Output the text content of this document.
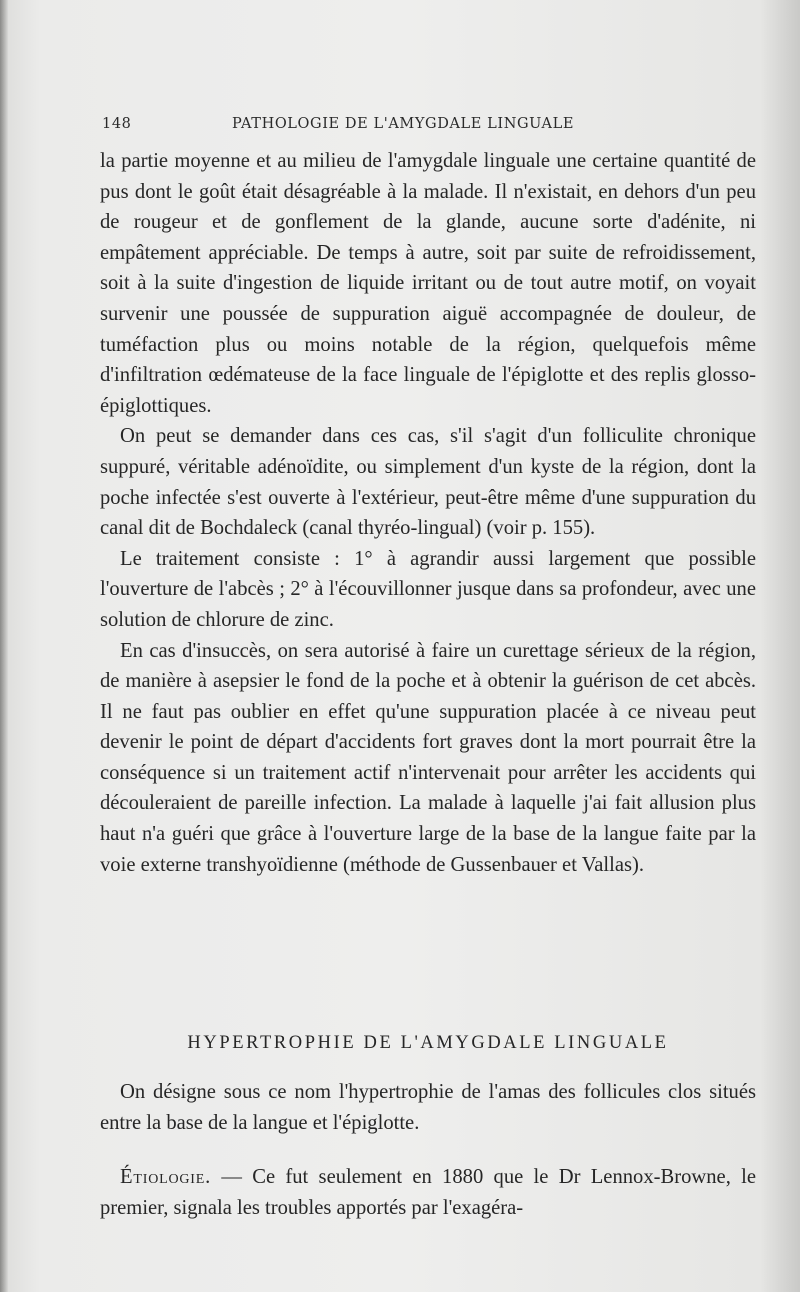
148	PATHOLOGIE DE L'AMYGDALE LINGUALE

la partie moyenne et au milieu de l'amygdale linguale une certaine quantité de pus dont le goût était désagréable à la malade. Il n'existait, en dehors d'un peu de rougeur et de gonflement de la glande, aucune sorte d'adénite, ni empâtement appréciable. De temps à autre, soit par suite de refroidissement, soit à la suite d'ingestion de liquide irritant ou de tout autre motif, on voyait survenir une poussée de suppuration aiguë accompagnée de douleur, de tuméfaction plus ou moins notable de la région, quelquefois même d'infiltration œdémateuse de la face linguale de l'épiglotte et des replis glosso-épiglottiques.

On peut se demander dans ces cas, s'il s'agit d'un folliculite chronique suppuré, véritable adénoïdite, ou simplement d'un kyste de la région, dont la poche infectée s'est ouverte à l'extérieur, peut-être même d'une suppuration du canal dit de Bochdaleck (canal thyréo-lingual) (voir p. 155).

Le traitement consiste : 1° à agrandir aussi largement que possible l'ouverture de l'abcès ; 2° à l'écouvillonner jusque dans sa profondeur, avec une solution de chlorure de zinc.

En cas d'insuccès, on sera autorisé à faire un curettage sérieux de la région, de manière à asepsier le fond de la poche et à obtenir la guérison de cet abcès. Il ne faut pas oublier en effet qu'une suppuration placée à ce niveau peut devenir le point de départ d'accidents fort graves dont la mort pourrait être la conséquence si un traitement actif n'intervenait pour arrêter les accidents qui découleraient de pareille infection. La malade à laquelle j'ai fait allusion plus haut n'a guéri que grâce à l'ouverture large de la base de la langue faite par la voie externe transhyoïdienne (méthode de Gussenbauer et Vallas).

HYPERTROPHIE DE L'AMYGDALE LINGUALE

On désigne sous ce nom l'hypertrophie de l'amas des follicules clos situés entre la base de la langue et l'épiglotte.

Étiologie. — Ce fut seulement en 1880 que le Dr Lennox-Browne, le premier, signala les troubles apportés par l'exagéra-
